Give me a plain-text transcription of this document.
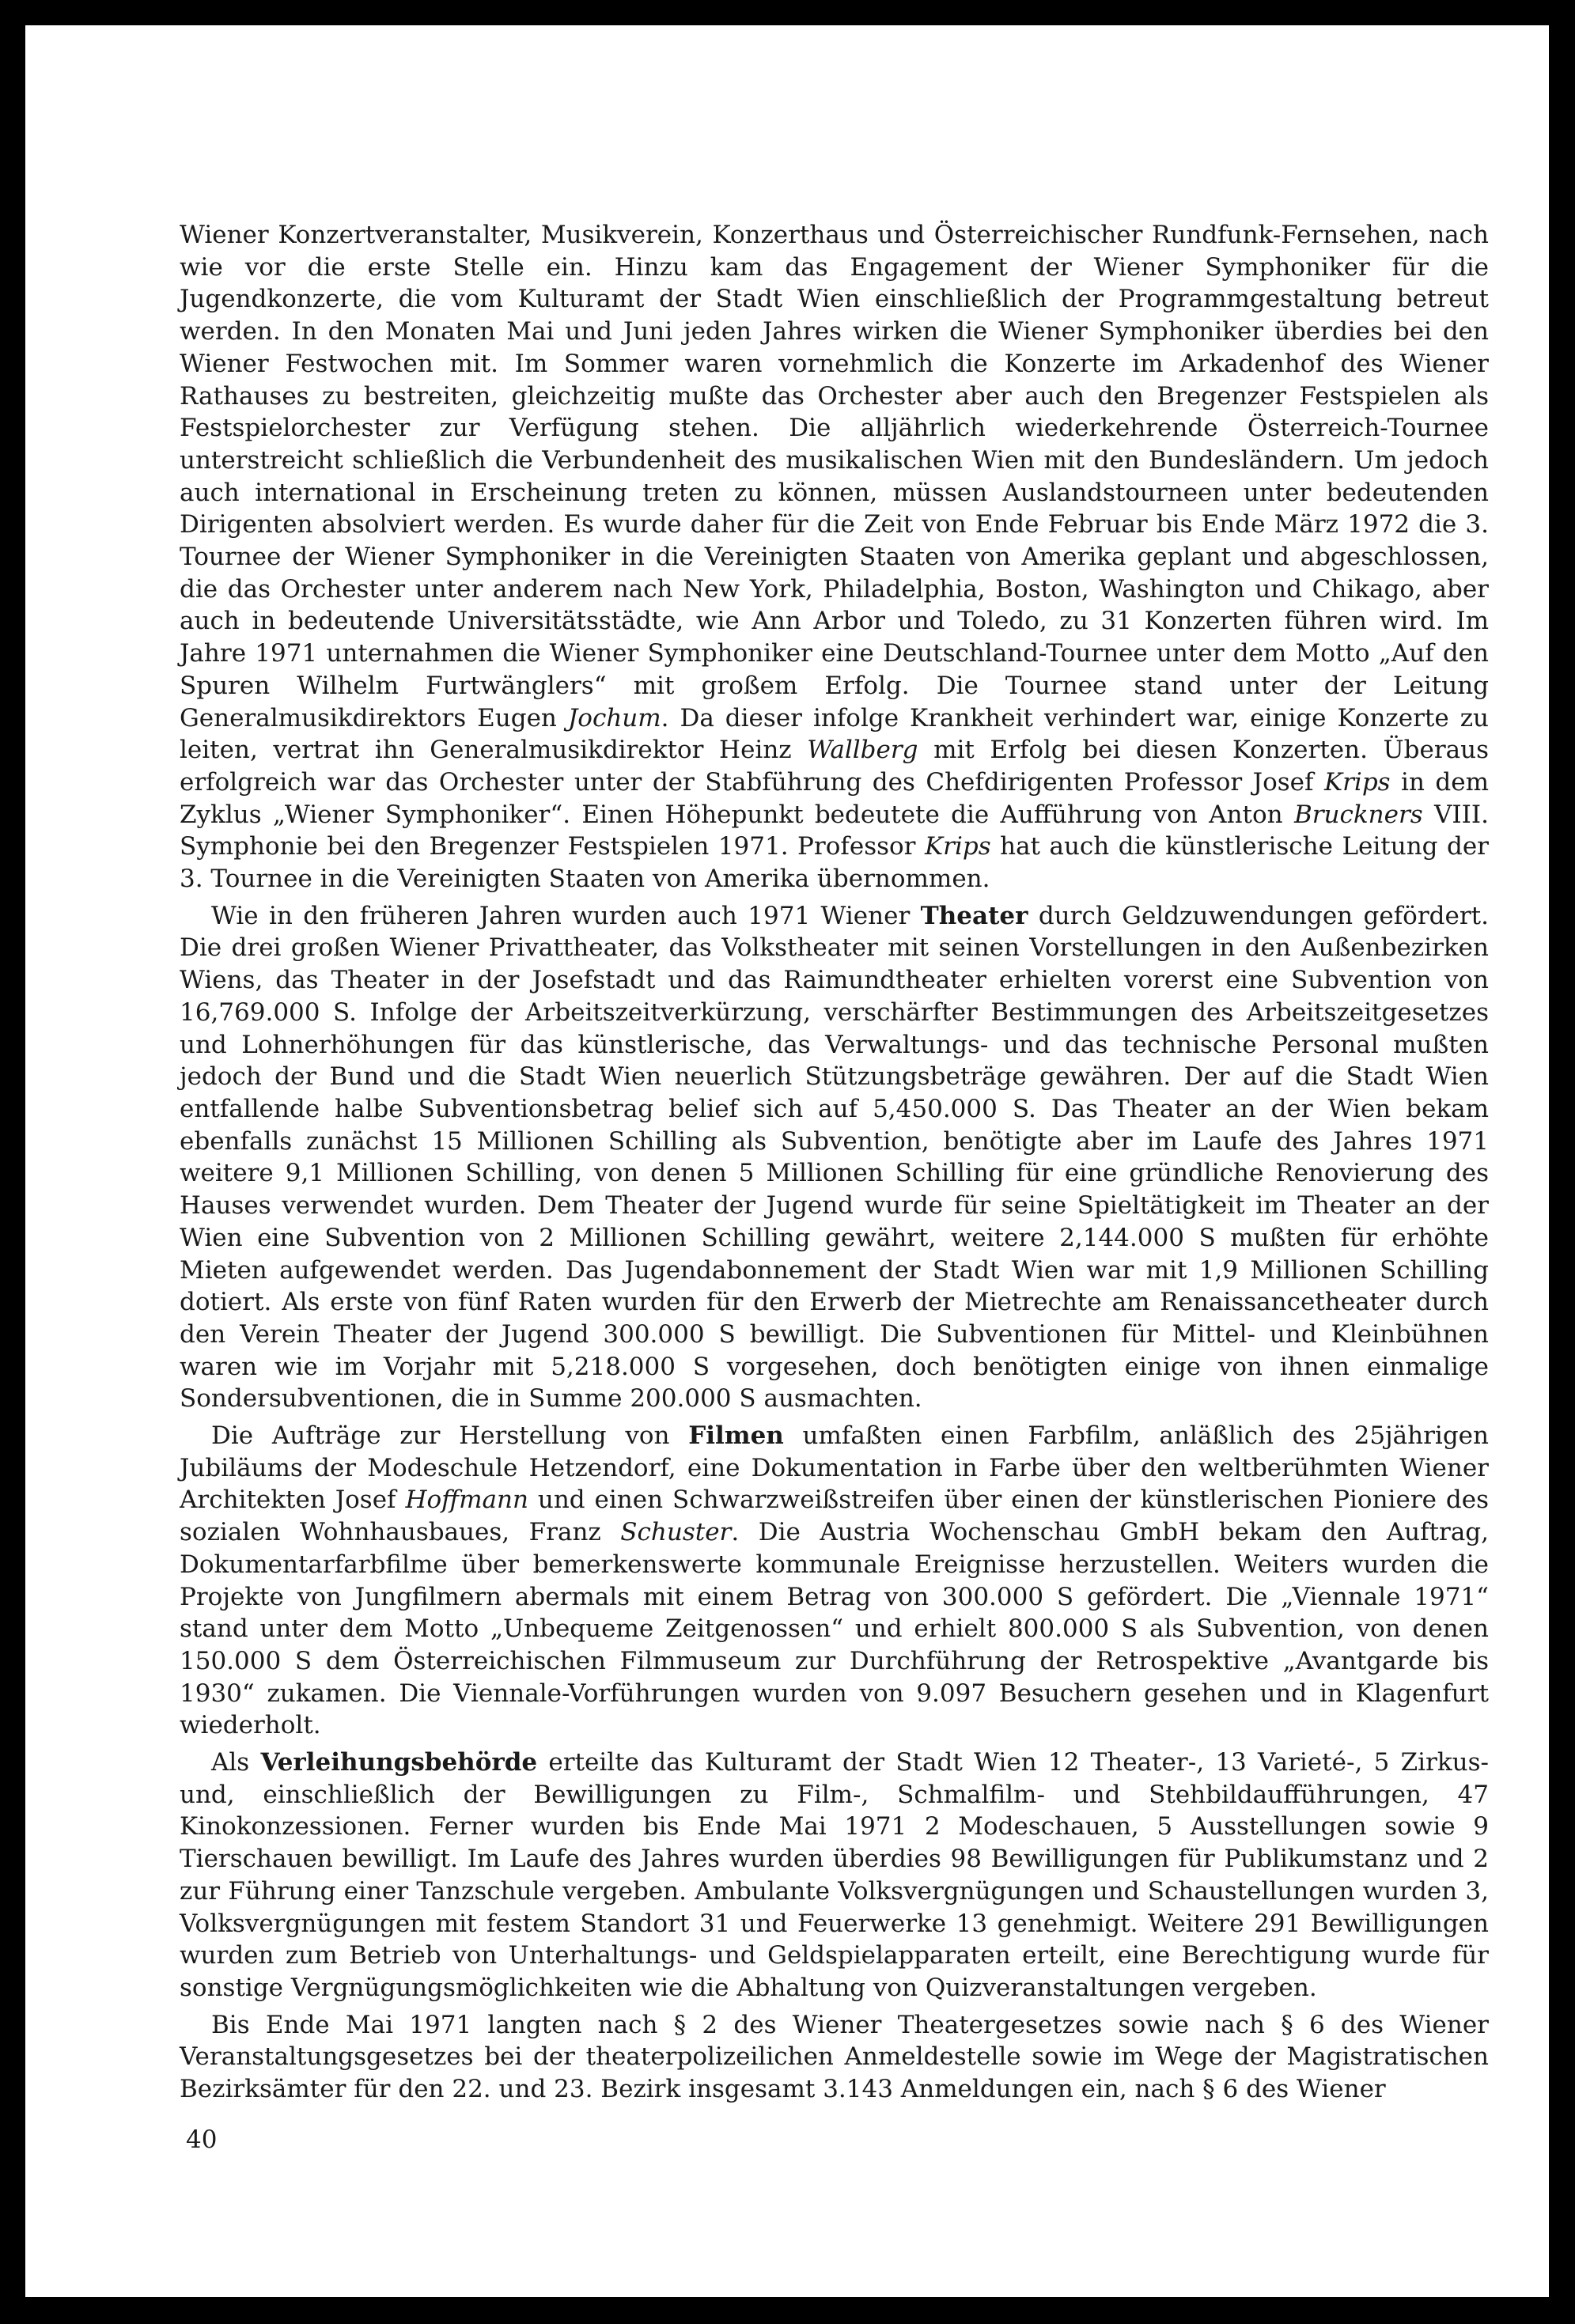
Wiener Konzertveranstalter, Musikverein, Konzerthaus und Österreichischer Rundfunk-Fernsehen, nach wie vor die erste Stelle ein. Hinzu kam das Engagement der Wiener Symphoniker für die Jugendkonzerte, die vom Kulturamt der Stadt Wien einschließlich der Programmgestaltung betreut werden. In den Monaten Mai und Juni jeden Jahres wirken die Wiener Symphoniker überdies bei den Wiener Festwochen mit. Im Sommer waren vornehmlich die Konzerte im Arkadenhof des Wiener Rathauses zu bestreiten, gleichzeitig mußte das Orchester aber auch den Bregenzer Festspielen als Festspielorchester zur Verfügung stehen. Die alljährlich wiederkehrende Österreich-Tournee unterstreicht schließlich die Verbundenheit des musikalischen Wien mit den Bundesländern. Um jedoch auch international in Erscheinung treten zu können, müssen Auslandstourneen unter bedeutenden Dirigenten absolviert werden. Es wurde daher für die Zeit von Ende Februar bis Ende März 1972 die 3. Tournee der Wiener Symphoniker in die Vereinigten Staaten von Amerika geplant und abgeschlossen, die das Orchester unter anderem nach New York, Philadelphia, Boston, Washington und Chikago, aber auch in bedeutende Universitätsstädte, wie Ann Arbor und Toledo, zu 31 Konzerten führen wird. Im Jahre 1971 unternahmen die Wiener Symphoniker eine Deutschland-Tournee unter dem Motto „Auf den Spuren Wilhelm Furtwänglers“ mit großem Erfolg. Die Tournee stand unter der Leitung Generalmusikdirektors Eugen Jochum. Da dieser infolge Krankheit verhindert war, einige Konzerte zu leiten, vertrat ihn Generalmusikdirektor Heinz Wallberg mit Erfolg bei diesen Konzerten. Überaus erfolgreich war das Orchester unter der Stabführung des Chefdirigenten Professor Josef Krips in dem Zyklus „Wiener Symphoniker“. Einen Höhepunkt bedeutete die Aufführung von Anton Bruckners VIII. Symphonie bei den Bregenzer Festspielen 1971. Professor Krips hat auch die künstlerische Leitung der 3. Tournee in die Vereinigten Staaten von Amerika übernommen.

Wie in den früheren Jahren wurden auch 1971 Wiener Theater durch Geldzuwendungen gefördert. Die drei großen Wiener Privattheater, das Volkstheater mit seinen Vorstellungen in den Außenbezirken Wiens, das Theater in der Josefstadt und das Raimundtheater erhielten vorerst eine Subvention von 16,769.000 S. Infolge der Arbeitszeitverkürzung, verschärfter Bestimmungen des Arbeitszeitgesetzes und Lohnerhöhungen für das künstlerische, das Verwaltungs- und das technische Personal mußten jedoch der Bund und die Stadt Wien neuerlich Stützungsbeträge gewähren. Der auf die Stadt Wien entfallende halbe Subventionsbetrag belief sich auf 5,450.000 S. Das Theater an der Wien bekam ebenfalls zunächst 15 Millionen Schilling als Subvention, benötigte aber im Laufe des Jahres 1971 weitere 9,1 Millionen Schilling, von denen 5 Millionen Schilling für eine gründliche Renovierung des Hauses verwendet wurden. Dem Theater der Jugend wurde für seine Spieltätigkeit im Theater an der Wien eine Subvention von 2 Millionen Schilling gewährt, weitere 2,144.000 S mußten für erhöhte Mieten aufgewendet werden. Das Jugendabonnement der Stadt Wien war mit 1,9 Millionen Schilling dotiert. Als erste von fünf Raten wurden für den Erwerb der Mietrechte am Renaissancetheater durch den Verein Theater der Jugend 300.000 S bewilligt. Die Subventionen für Mittel- und Kleinbühnen waren wie im Vorjahr mit 5,218.000 S vorgesehen, doch benötigten einige von ihnen einmalige Sondersubventionen, die in Summe 200.000 S ausmachten.

Die Aufträge zur Herstellung von Filmen umfaßten einen Farbfilm, anläßlich des 25jährigen Jubiläums der Modeschule Hetzendorf, eine Dokumentation in Farbe über den weltberühmten Wiener Architekten Josef Hoffmann und einen Schwarzweißstreifen über einen der künstlerischen Pioniere des sozialen Wohnhausbaues, Franz Schuster. Die Austria Wochenschau GmbH bekam den Auftrag, Dokumentarfarbfilme über bemerkenswerte kommunale Ereignisse herzustellen. Weiters wurden die Projekte von Jungfilmern abermals mit einem Betrag von 300.000 S gefördert. Die „Viennale 1971“ stand unter dem Motto „Unbequeme Zeitgenossen“ und erhielt 800.000 S als Subvention, von denen 150.000 S dem Österreichischen Filmmuseum zur Durchführung der Retrospektive „Avantgarde bis 1930“ zukamen. Die Viennale-Vorführungen wurden von 9.097 Besuchern gesehen und in Klagenfurt wiederholt.

Als Verleihungsbehörde erteilte das Kulturamt der Stadt Wien 12 Theater-, 13 Varieté-, 5 Zirkus- und, einschließlich der Bewilligungen zu Film-, Schmalfilm- und Stehbildaufführungen, 47 Kinokonzessionen. Ferner wurden bis Ende Mai 1971 2 Modeschauen, 5 Ausstellungen sowie 9 Tierschauen bewilligt. Im Laufe des Jahres wurden überdies 98 Bewilligungen für Publikumstanz und 2 zur Führung einer Tanzschule vergeben. Ambulante Volksvergnügungen und Schaustellungen wurden 3, Volksvergnügungen mit festem Standort 31 und Feuerwerke 13 genehmigt. Weitere 291 Bewilligungen wurden zum Betrieb von Unterhaltungs- und Geldspielapparaten erteilt, eine Berechtigung wurde für sonstige Vergnügungsmöglichkeiten wie die Abhaltung von Quizveranstaltungen vergeben.

Bis Ende Mai 1971 langten nach § 2 des Wiener Theatergesetzes sowie nach § 6 des Wiener Veranstaltungsgesetzes bei der theaterpolizeilichen Anmeldestelle sowie im Wege der Magistratischen Bezirksämter für den 22. und 23. Bezirk insgesamt 3.143 Anmeldungen ein, nach § 6 des Wiener

40
